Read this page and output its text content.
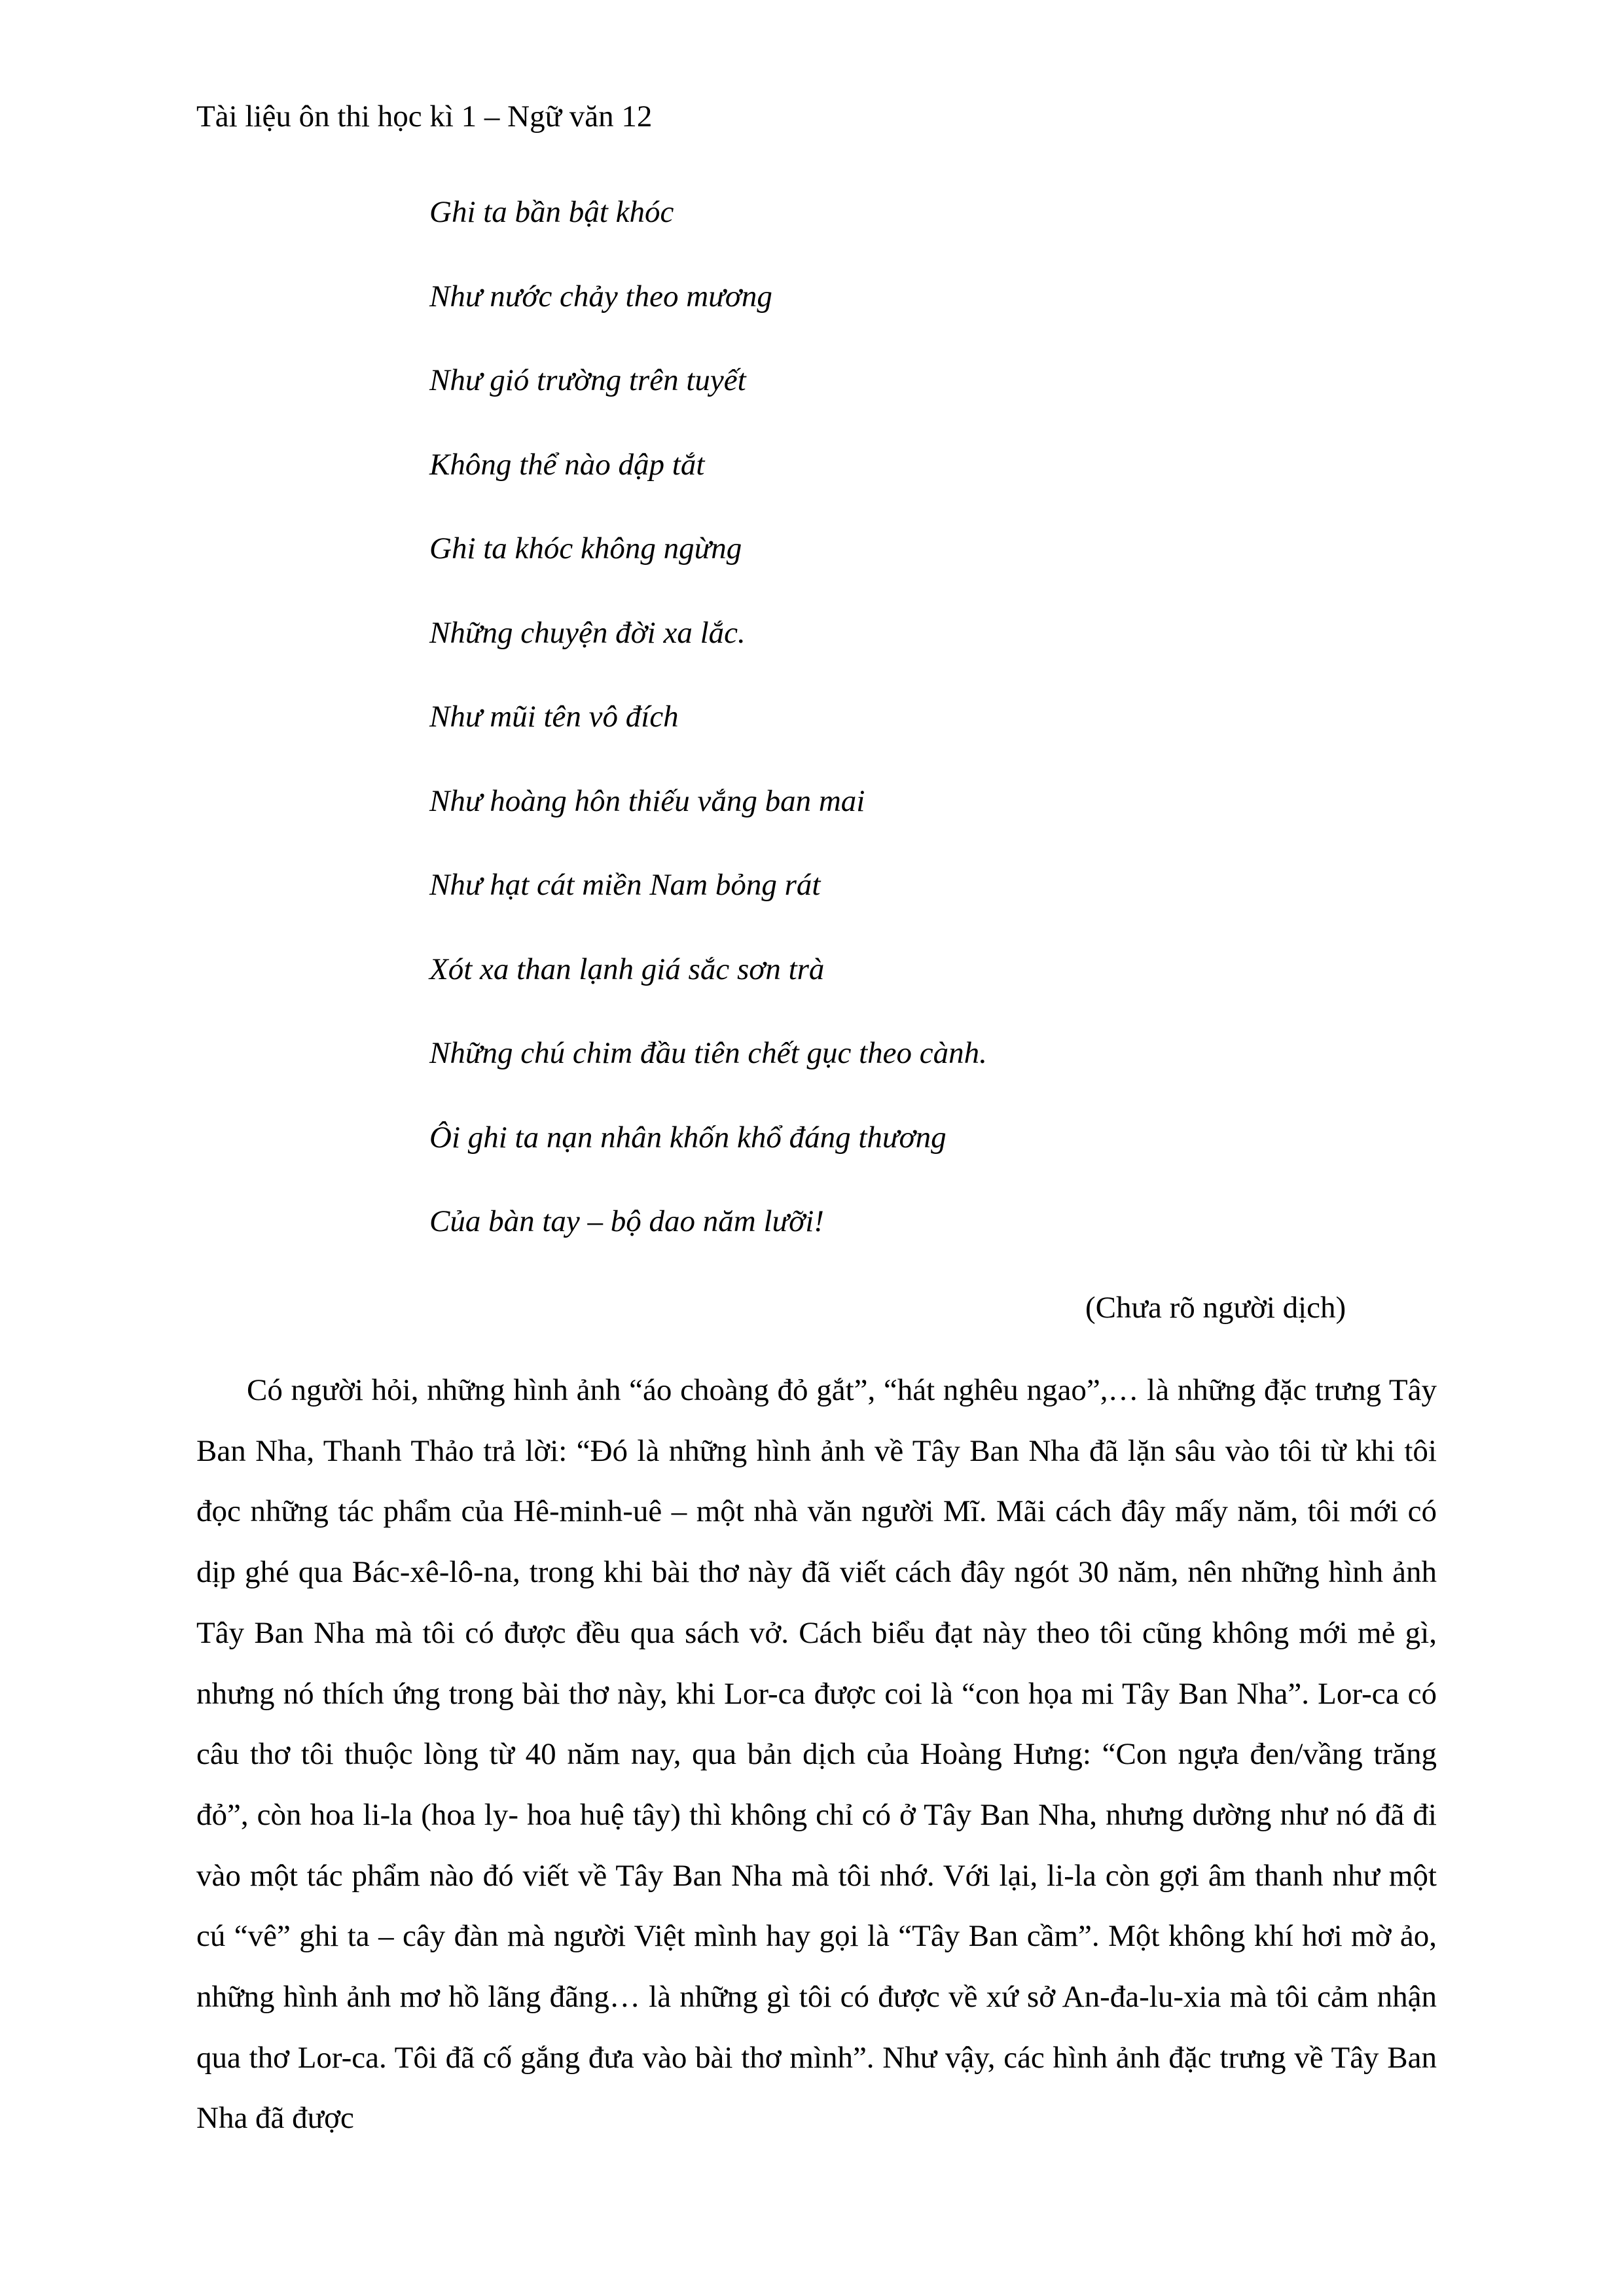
Tài liệu ôn thi học kì 1 – Ngữ văn 12
Ghi ta bần bật khóc
Như nước chảy theo mương
Như gió trường trên tuyết
Không thể nào dập tắt
Ghi ta khóc không ngừng
Những chuyện đời xa lắc.
Như mũi tên vô đích
Như hoàng hôn thiếu vắng ban mai
Như hạt cát miền Nam bỏng rát
Xót xa than lạnh giá sắc sơn trà
Những chú chim đầu tiên chết gục theo cành.
Ôi ghi ta nạn nhân khốn khổ đáng thương
Của bàn tay – bộ dao năm lưỡi!
(Chưa rõ người dịch)

Có người hỏi, những hình ảnh “áo choàng đỏ gắt”, “hát nghêu ngao”,… là những đặc trưng Tây Ban Nha, Thanh Thảo trả lời: “Đó là những hình ảnh về Tây Ban Nha đã lặn sâu vào tôi từ khi tôi đọc những tác phẩm của Hê-minh-uê – một nhà văn người Mĩ. Mãi cách đây mấy năm, tôi mới có dịp ghé qua Bác-xê-lô-na, trong khi bài thơ này đã viết cách đây ngót 30 năm, nên những hình ảnh Tây Ban Nha mà tôi có được đều qua sách vở. Cách biểu đạt này theo tôi cũng không mới mẻ gì, nhưng nó thích ứng trong bài thơ này, khi Lor-ca được coi là “con họa mi Tây Ban Nha”. Lor-ca có câu thơ tôi thuộc lòng từ 40 năm nay, qua bản dịch của Hoàng Hưng: “Con ngựa đen/vầng trăng đỏ”, còn hoa li-la (hoa ly- hoa huệ tây) thì không chỉ có ở Tây Ban Nha, nhưng dường như nó đã đi vào một tác phẩm nào đó viết về Tây Ban Nha mà tôi nhớ. Với lại, li-la còn gợi âm thanh như một cú “vê” ghi ta – cây đàn mà người Việt mình hay gọi là “Tây Ban cầm”. Một không khí hơi mờ ảo, những hình ảnh mơ hồ lãng đãng… là những gì tôi có được về xứ sở An-đa-lu-xia mà tôi cảm nhận qua thơ Lor-ca. Tôi đã cố gắng đưa vào bài thơ mình”. Như vậy, các hình ảnh đặc trưng về Tây Ban Nha đã được
